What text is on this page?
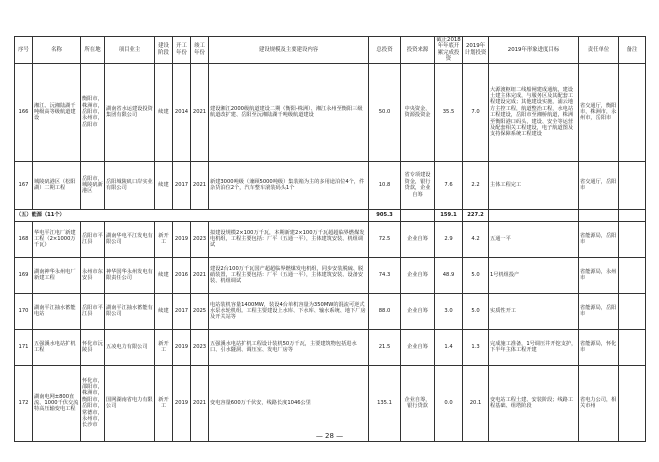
序号	名称	所在地	项目业主	建设阶段	开工年份	竣工年份	建设规模及主要建设内容	总投资	投资来源	截止2018年年底开累完成投资	2019年计划投资	2019年形象进度目标	责任单位	备注
166	湘江、沅湘陆湖千吨级高等级航道建设	衡阳市，株洲市，岳阳市，永州市，岳阳市	湖南省水运建设投资集团有限公司	续建	2014	2021	建设湘江2000级航道建设二期（衡阳-株洲）、湘江永州至衡阳三级航道改扩建、岳阳至沅湘陆湖千吨级航道建设	50.0	中央资金，资源投资金	35.5	7.0	大源渡枢纽二线船闸建成通航，建设土建主体完成，与服务区及其配套工程建设完成；其他建设实施，浦云地方主控工程，航道整治工程，水电站工程建设，岳阳市至湘桥航道，株洲至衡阳港口码头，建设、安全等运营及配套相关工程建设，电子航道图及支持保障系统工程建设	省交通厅，衡阳市，株洲市，永州市，岳阳市	
167	城陵矶港区（松阳湖）二期工程	岳阳市，城陵矶新港区	岳阳城陵矶口岸实业有限公司	续建	2017	2021	新建3000吨级（兼顾5000吨级）集装箱为主的多用途泊位4个，件杂货泊位2个，汽车整车滚装码头1个	10.8	省专项建设资金，银行贷款，企业自筹	7.6	2.2	主体工程完工	省交通厅，岳阳市	
（五）能源（11个）								905.3		159.1	227.2			
168	华电平江电厂新建工程（2×1000万千瓦）	岳阳市平江县	湖南华电平江发电有限公司	新开工	2019	2023	拟建设规模2×100万千瓦，本期新建2×100万千瓦超超临界燃煤发电机组，工程主要包括：厂平（五通一平），主体建筑安装、机组调试	72.5	企业自筹	2.9	4.2	五通一平	省能源局，岳阳市	
169	湖南神华永州电厂新建工程	永州市东安县	神华国华永州发电有限责任公司	续建	2016	2021	建设2台100万千瓦国产超超临界燃煤发电机组，同步安装脱硫、脱硝装置，工程主要包括：厂平（五通一平），主体建筑安装、设备安装、机组调试	74.3	企业自筹	48.9	5.0	1号机组投产	省能源局，永州市	
170	湖南平江抽水蓄能电站	岳阳市平江县	湖南平江抽水蓄能有限公司	续建	2017	2025	电站装机容量1400MW，装设4台单机容量为350MW的混流可逆式水泵水轮机组。工程主要建设上水库、下水库、输水系统、地下厂房及开关站等	88.0	企业自筹	3.0	5.0	实质性开工	省能源局，岳阳市	
171	五强溪水电站扩机工程	怀化市沅陵县	五凌电力有限公司	新开工	2019	2023	五强溪水电站扩机工程设计装机50万千瓦，主要建筑物包括进水口、引水隧洞、调压室、发电厂房等	21.5	企业自筹	1.4	1.3	完成施工准备，1号调压井开挖支护，下半年主体工程开建	省能源局，怀化市	
172	湖南电网±800直流、1000千伏交流特高压输变电工程	怀化市，邵阳市，株洲市，衡阳市，岳阳市，常德市，永州市，长沙市	国网湖南省电力有限公司	新开工	2019	2021	变电容量600万千伏安，线路长度1046公里	135.1	企业自筹，银行贷款	0.0	20.1	变电站工程土建、安装阶段；线路工程基础、组塔阶段	省电力公司，相关市州	
— 28 —
